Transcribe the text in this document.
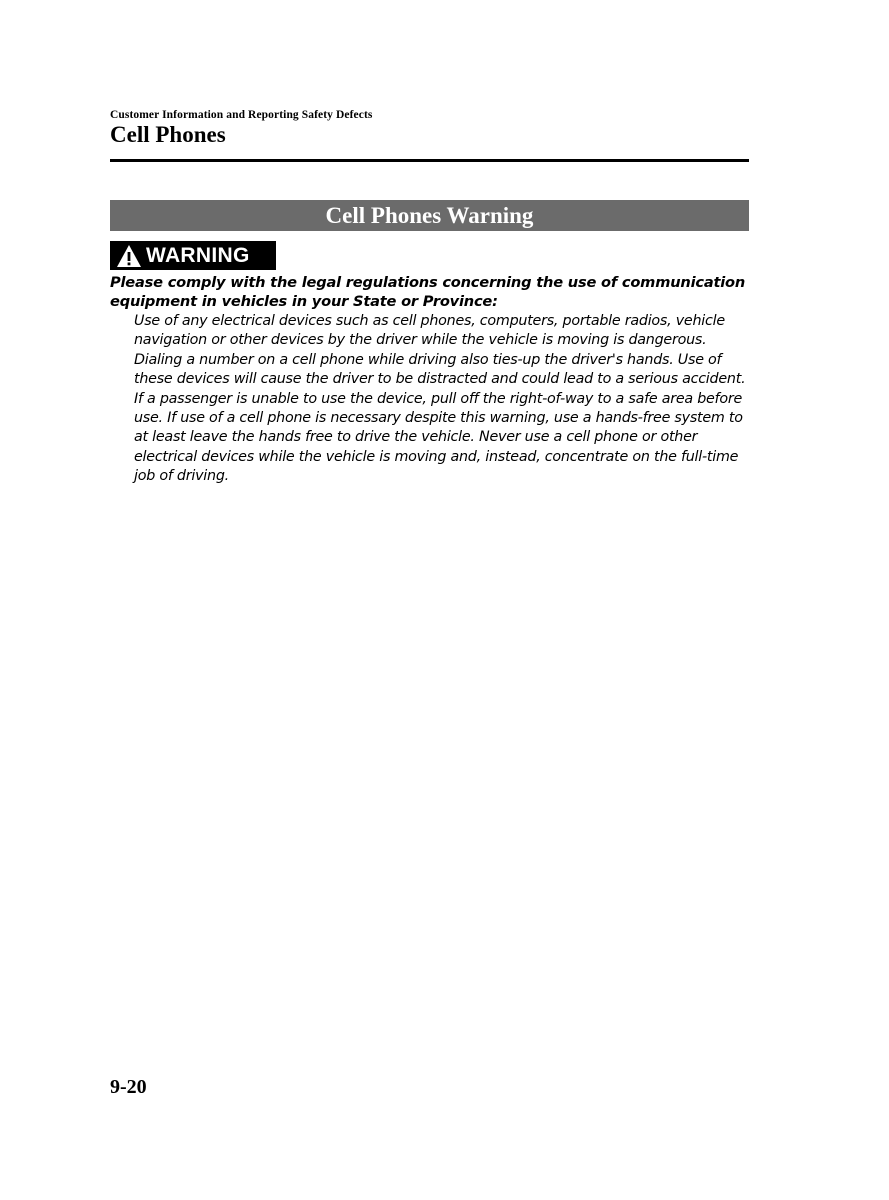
Customer Information and Reporting Safety Defects
Cell Phones
Cell Phones Warning
WARNING
Please comply with the legal regulations concerning the use of communication equipment in vehicles in your State or Province:
Use of any electrical devices such as cell phones, computers, portable radios, vehicle navigation or other devices by the driver while the vehicle is moving is dangerous. Dialing a number on a cell phone while driving also ties-up the driver's hands. Use of these devices will cause the driver to be distracted and could lead to a serious accident. If a passenger is unable to use the device, pull off the right-of-way to a safe area before use. If use of a cell phone is necessary despite this warning, use a hands-free system to at least leave the hands free to drive the vehicle. Never use a cell phone or other electrical devices while the vehicle is moving and, instead, concentrate on the full-time job of driving.
9-20
